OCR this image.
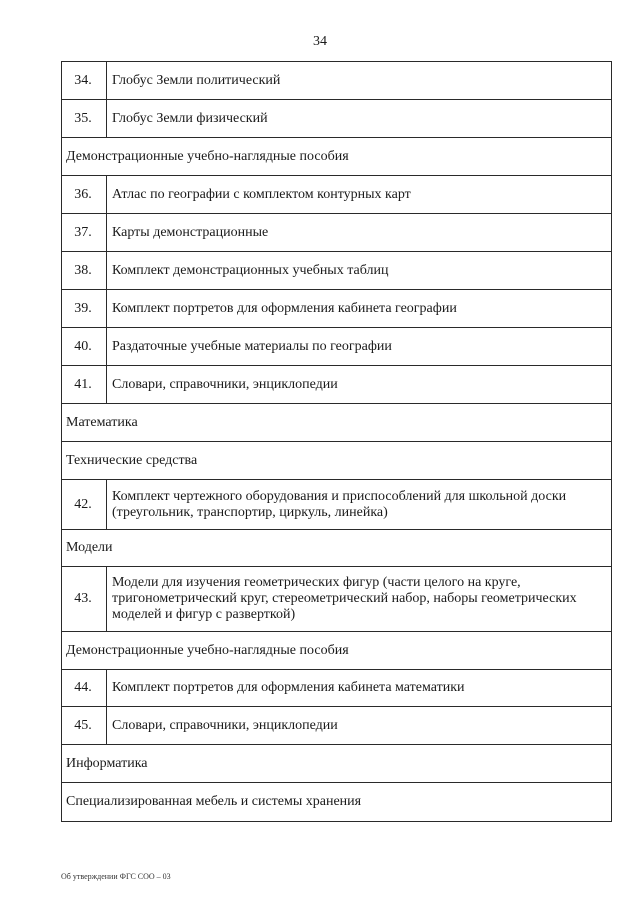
34
34.	Глобус Земли политический
35.	Глобус Земли физический
Демонстрационные учебно-наглядные пособия	
36.	Атлас по географии с комплектом контурных карт
37.	Карты демонстрационные
38.	Комплект демонстрационных учебных таблиц
39.	Комплект портретов для оформления кабинета географии
40.	Раздаточные учебные материалы по географии
41.	Словари, справочники, энциклопедии
Математика	
Технические средства	
42.	Комплект чертежного оборудования и приспособлений для школьной доски (треугольник, транспортир, циркуль, линейка)
Модели	
43.	Модели для изучения геометрических фигур (части целого на круге, тригонометрический круг, стереометрический набор, наборы геометрических моделей и фигур с разверткой)
Демонстрационные учебно-наглядные пособия	
44.	Комплект портретов для оформления кабинета математики
45.	Словари, справочники, энциклопедии
Информатика	
Специализированная мебель и системы хранения	
Об утверждении ФГС СОО – 03
